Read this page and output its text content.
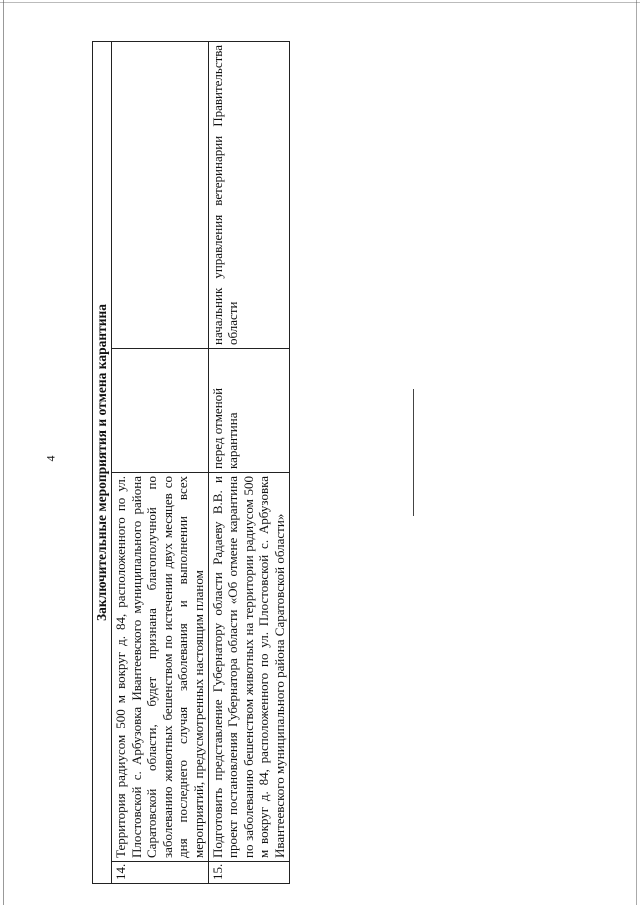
4	Заключительные мероприятия и отмена карантина			
14.	Территория радиусом 500 м вокруг д. 84, расположенного по ул. Плостовской с. Арбузовка Ивантеевского муниципального района Саратовской области, будет признана благополучной по заболеванию животных бешенством по истечении двух месяцев со дня последнего случая заболевания и выполнении всех мероприятий, предусмотренных настоящим планом		
15.	Подготовить представление Губернатору области Радаеву В.В. и проект постановления Губернатора области «Об отмене карантина по заболеванию бешенством животных на территории радиусом 500 м вокруг д. 84, расположенного по ул. Плостовской с. Арбузовка Ивантеевского муниципального района Саратовской области»	перед отменой карантина	начальник управления ветеринарии Правительства области
